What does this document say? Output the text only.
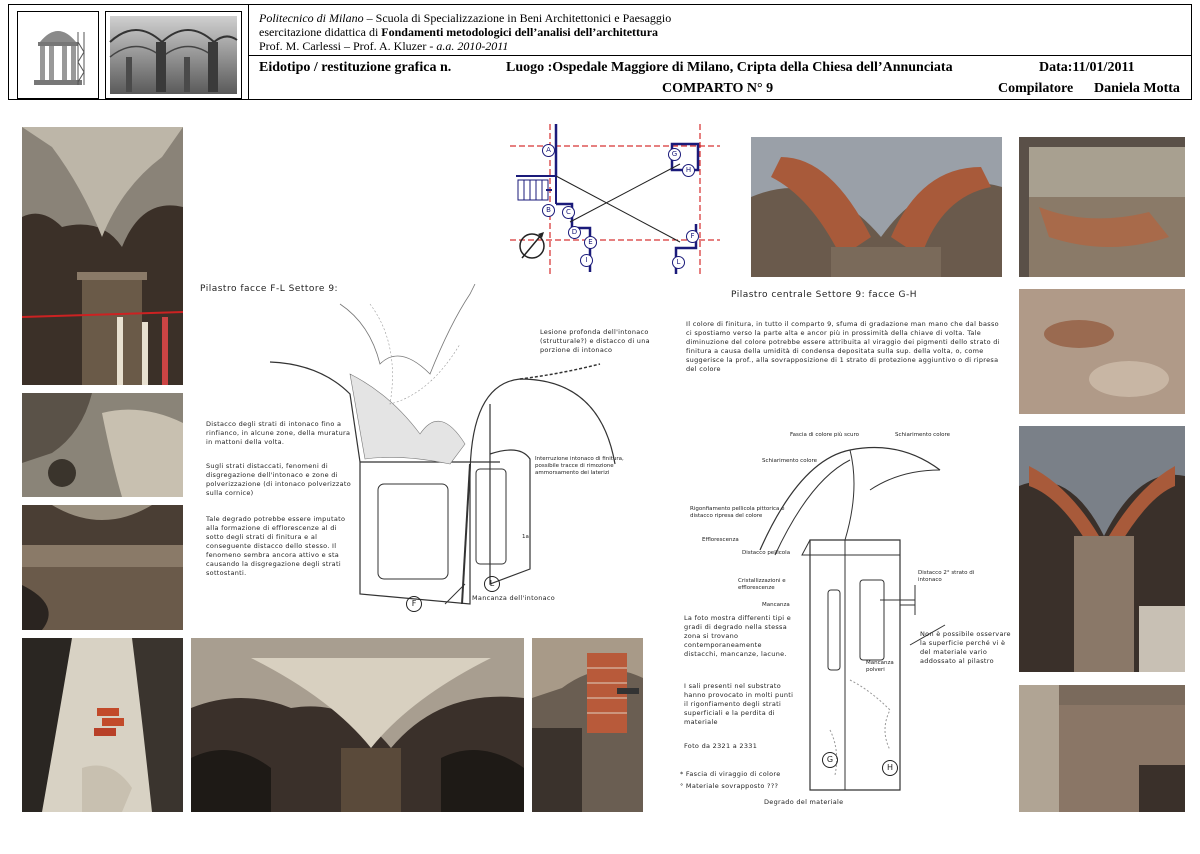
Politecnico di Milano – Scuola di Specializzazione in Beni Architettonici e Paesaggio
esercitazione didattica di Fondamenti metodologici dell’analisi dell’architettura
Prof. M. Carlessi – Prof. A. Kluzer - a.a. 2010-2011
Eidotipo / restituzione grafica n.	Luogo :Ospedale Maggiore di Milano, Cripta della Chiesa dell’Annunciata	Data:11/01/2011
COMPARTO N° 9	Compilatore Daniela Motta
A
B	C
D
E
I
G
H
F
L
Pilastro facce F-L Settore 9:
F
L
1a
Lesione profonda dell'intonaco (strutturale?) e distacco di una porzione di intonaco
Distacco degli strati di intonaco fino a rinfianco, in alcune zone, della muratura in mattoni della volta.
Sugli strati distaccati, fenomeni di disgregazione dell'intonaco e zone di polverizzazione (di intonaco polverizzato sulla cornice)
Tale degrado potrebbe essere imputato alla formazione di efflorescenze al di sotto degli strati di finitura e al conseguente distacco dello stesso. Il fenomeno sembra ancora attivo e sta causando la disgregazione degli strati sottostanti.
Interruzione intonaco di finitura, possibile tracce di rimozione ammorsamento dei laterizi
Mancanza dell'intonaco
Pilastro centrale Settore 9: facce G-H
Il colore di finitura, in tutto il comparto 9, sfuma di gradazione man mano che dal basso ci spostiamo verso la parte alta e ancor più in prossimità della chiave di volta. Tale diminuzione del colore potrebbe essere attribuita al viraggio dei pigmenti dello strato di finitura a causa della umidità di condensa depositata sulla sup. della volta, o, come suggerisce la prof., alla sovrapposizione di 1 strato di protezione aggiuntivo o di ripresa del colore
G
H
Fascia di colore più scuro
Schiarimento colore
Schiarimento colore
Rigonfiamento pellicola pittorica e distacco ripresa del colore
Efflorescenza
Distacco pellicola
Cristallizzazioni e efflorescenze
Mancanza
Distacco 2° strato di intonaco
Mancanza polveri
La foto mostra differenti tipi e gradi di degrado nella stessa zona si trovano contemporaneamente distacchi, mancanze, lacune.
I sali presenti nel substrato hanno provocato in molti punti il rigonfiamento degli strati superficiali e la perdita di materiale
Foto da 2321 a 2331
Non è possibile osservare la superficie perché vi è del materiale vario addossato al pilastro
* Fascia di viraggio di colore
° Materiale sovrapposto ???
Degrado del materiale
